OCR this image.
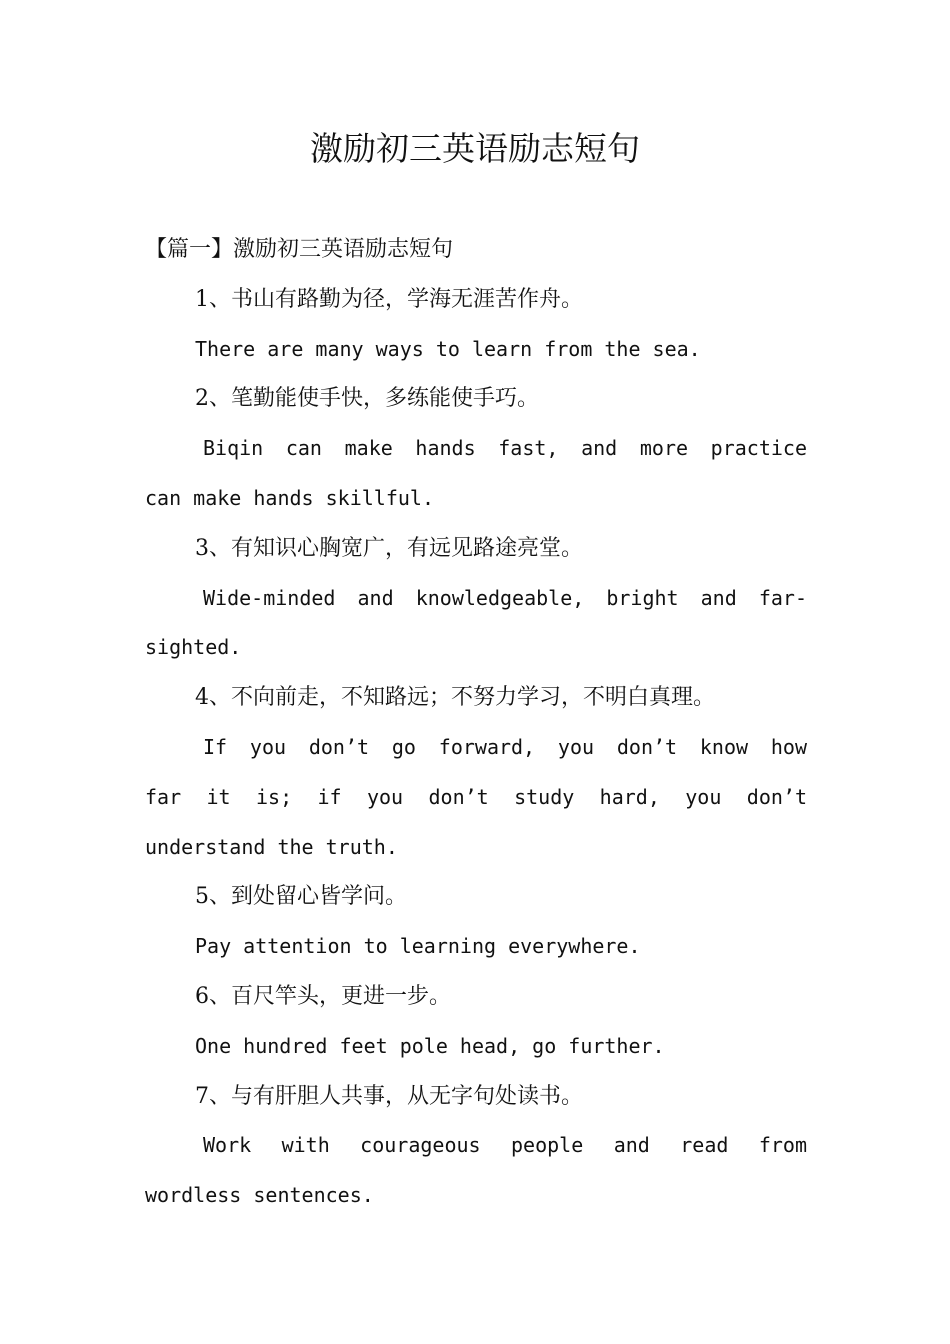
激励初三英语励志短句
【篇一】激励初三英语励志短句
1、书山有路勤为径，学海无涯苦作舟。
There are many ways to learn from the sea.
2、笔勤能使手快，多练能使手巧。
Biqin can make hands fast, and more practice
can make hands skillful.
3、有知识心胸宽广，有远见路途亮堂。
Wide-minded and knowledgeable, bright and far-
sighted.
4、不向前走，不知路远；不努力学习，不明白真理。
If you don’t go forward, you don’t know how
far it is; if you don’t study hard, you don’t
understand the truth.
5、到处留心皆学问。
Pay attention to learning everywhere.
6、百尺竿头，更进一步。
One hundred feet pole head, go further.
7、与有肝胆人共事，从无字句处读书。
Work with courageous people and read from
wordless sentences.
